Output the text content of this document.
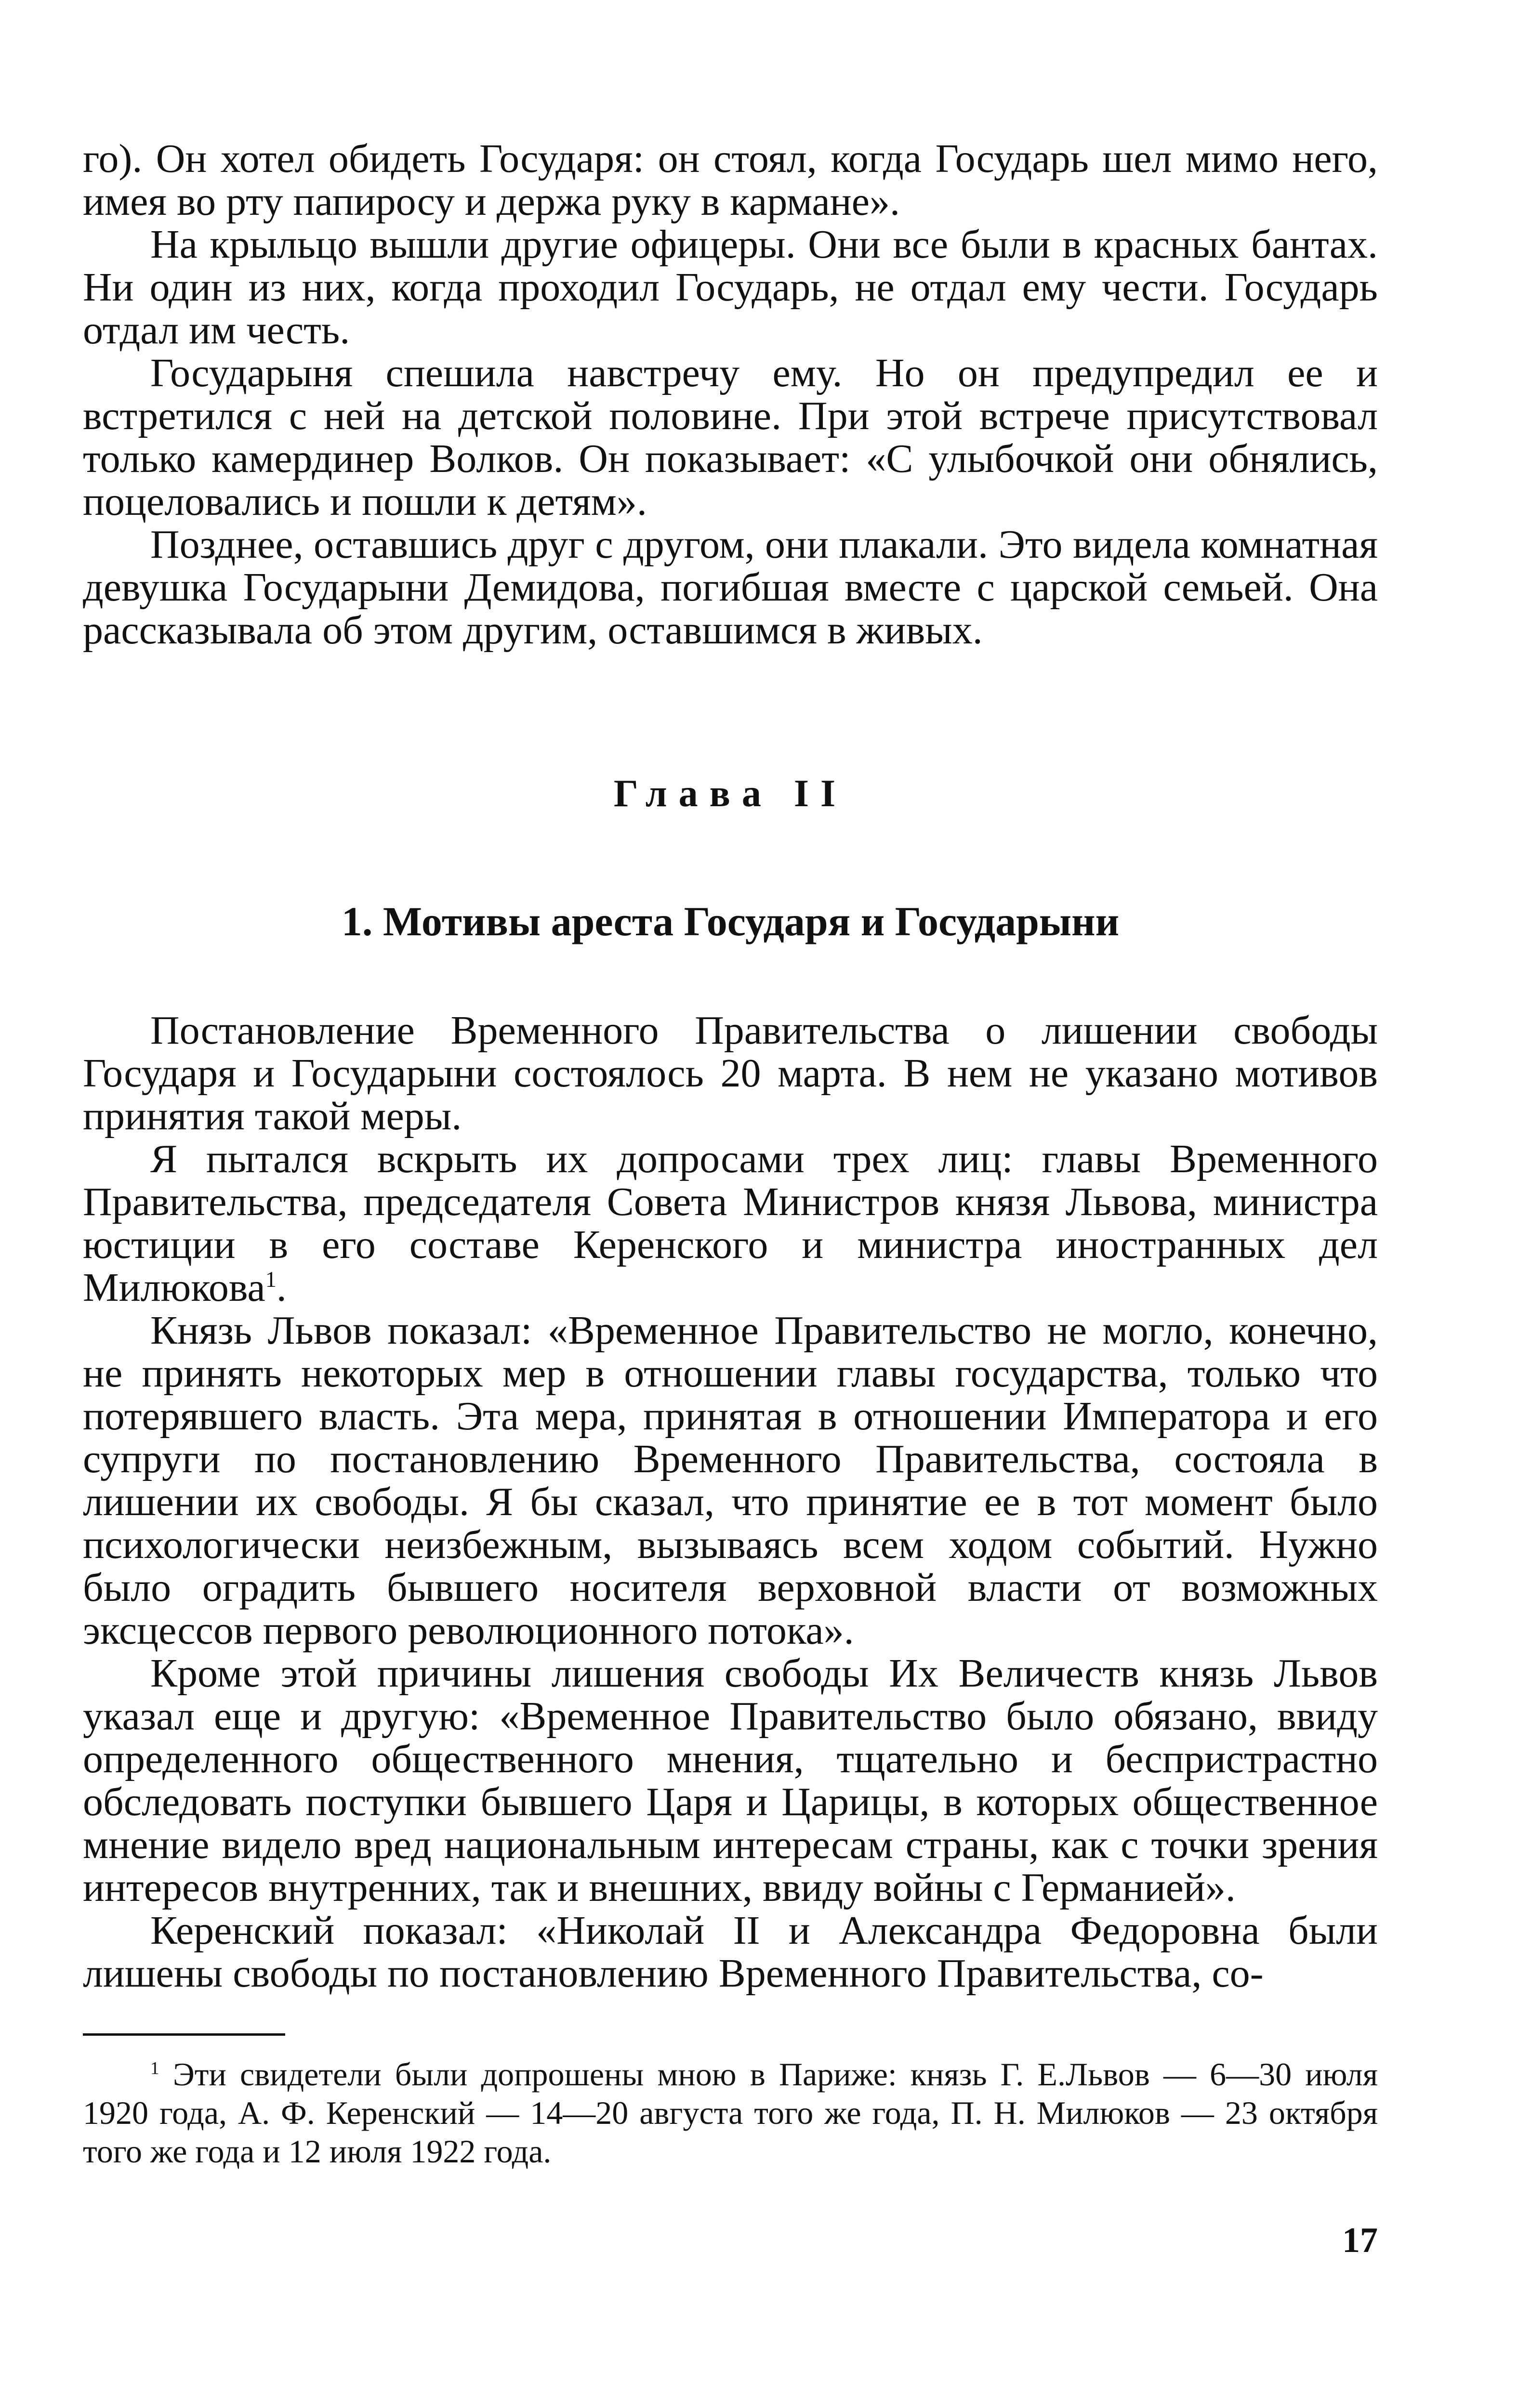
го). Он хотел обидеть Государя: он стоял, когда Государь шел мимо него, имея во рту папиросу и держа руку в кармане».

На крыльцо вышли другие офицеры. Они все были в красных бантах. Ни один из них, когда проходил Государь, не отдал ему чести. Государь отдал им честь.

Государыня спешила навстречу ему. Но он предупредил ее и встретился с ней на детской половине. При этой встрече присутствовал только камердинер Волков. Он показывает: «С улыбочкой они обнялись, поцеловались и пошли к детям».

Позднее, оставшись друг с другом, они плакали. Это видела комнатная девушка Государыни Демидова, погибшая вместе с царской семьей. Она рассказывала об этом другим, оставшимся в живых.

Глава II
1. Мотивы ареста Государя и Государыни

Постановление Временного Правительства о лишении свободы Государя и Государыни состоялось 20 марта. В нем не указано мотивов принятия такой меры.

Я пытался вскрыть их допросами трех лиц: главы Временного Правительства, председателя Совета Министров князя Львова, министра юстиции в его составе Керенского и министра иностранных дел Милюкова$^1$.

Князь Львов показал: «Временное Правительство не могло, конечно, не принять некоторых мер в отношении главы государства, только что потерявшего власть. Эта мера, принятая в отношении Императора и его супруги по постановлению Временного Правительства, состояла в лишении их свободы. Я бы сказал, что принятие ее в тот момент было психологически неизбежным, вызываясь всем ходом событий. Нужно было оградить бывшего носителя верховной власти от возможных эксцессов первого революционного потока».

Кроме этой причины лишения свободы Их Величеств князь Львов указал еще и другую: «Временное Правительство было обязано, ввиду определенного общественного мнения, тщательно и беспристрастно обследовать поступки бывшего Царя и Царицы, в которых общественное мнение видело вред национальным интересам страны, как с точки зрения интересов внутренних, так и внешних, ввиду войны с Германией».

Керенский показал: «Николай II и Александра Федоровна были лишены свободы по постановлению Временного Правительства, со-

$^1$ Эти свидетели были допрошены мною в Париже: князь Г. Е.Львов — 6—30 июля 1920 года, А. Ф. Керенский — 14—20 августа того же года, П. Н. Милюков — 23 октября того же года и 12 июля 1922 года.

17
